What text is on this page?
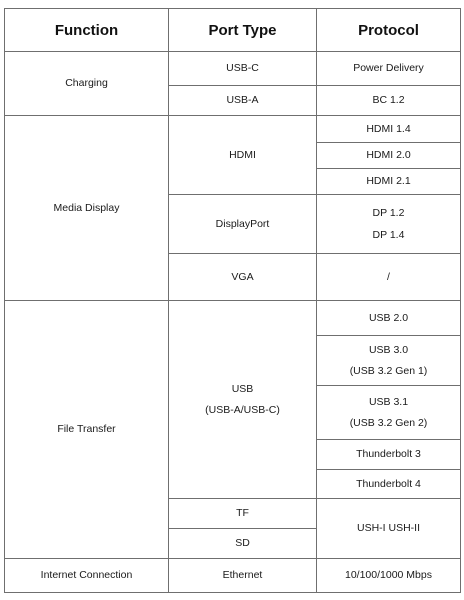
Function	Port Type	Protocol
Charging
Media Display
File Transfer
Internet Connection
USB-C
USB-A
HDMI
DisplayPort
VGA
USB
(USB-A/USB-C)
TF
SD
Ethernet
Power Delivery
BC 1.2
HDMI 1.4
HDMI 2.0
HDMI 2.1
DP 1.2
DP 1.4
/
USB 2.0
USB 3.0
(USB 3.2 Gen 1)
USB 3.1
(USB 3.2 Gen 2)
Thunderbolt 3
Thunderbolt 4
USH-I USH-II
10/100/1000 Mbps
